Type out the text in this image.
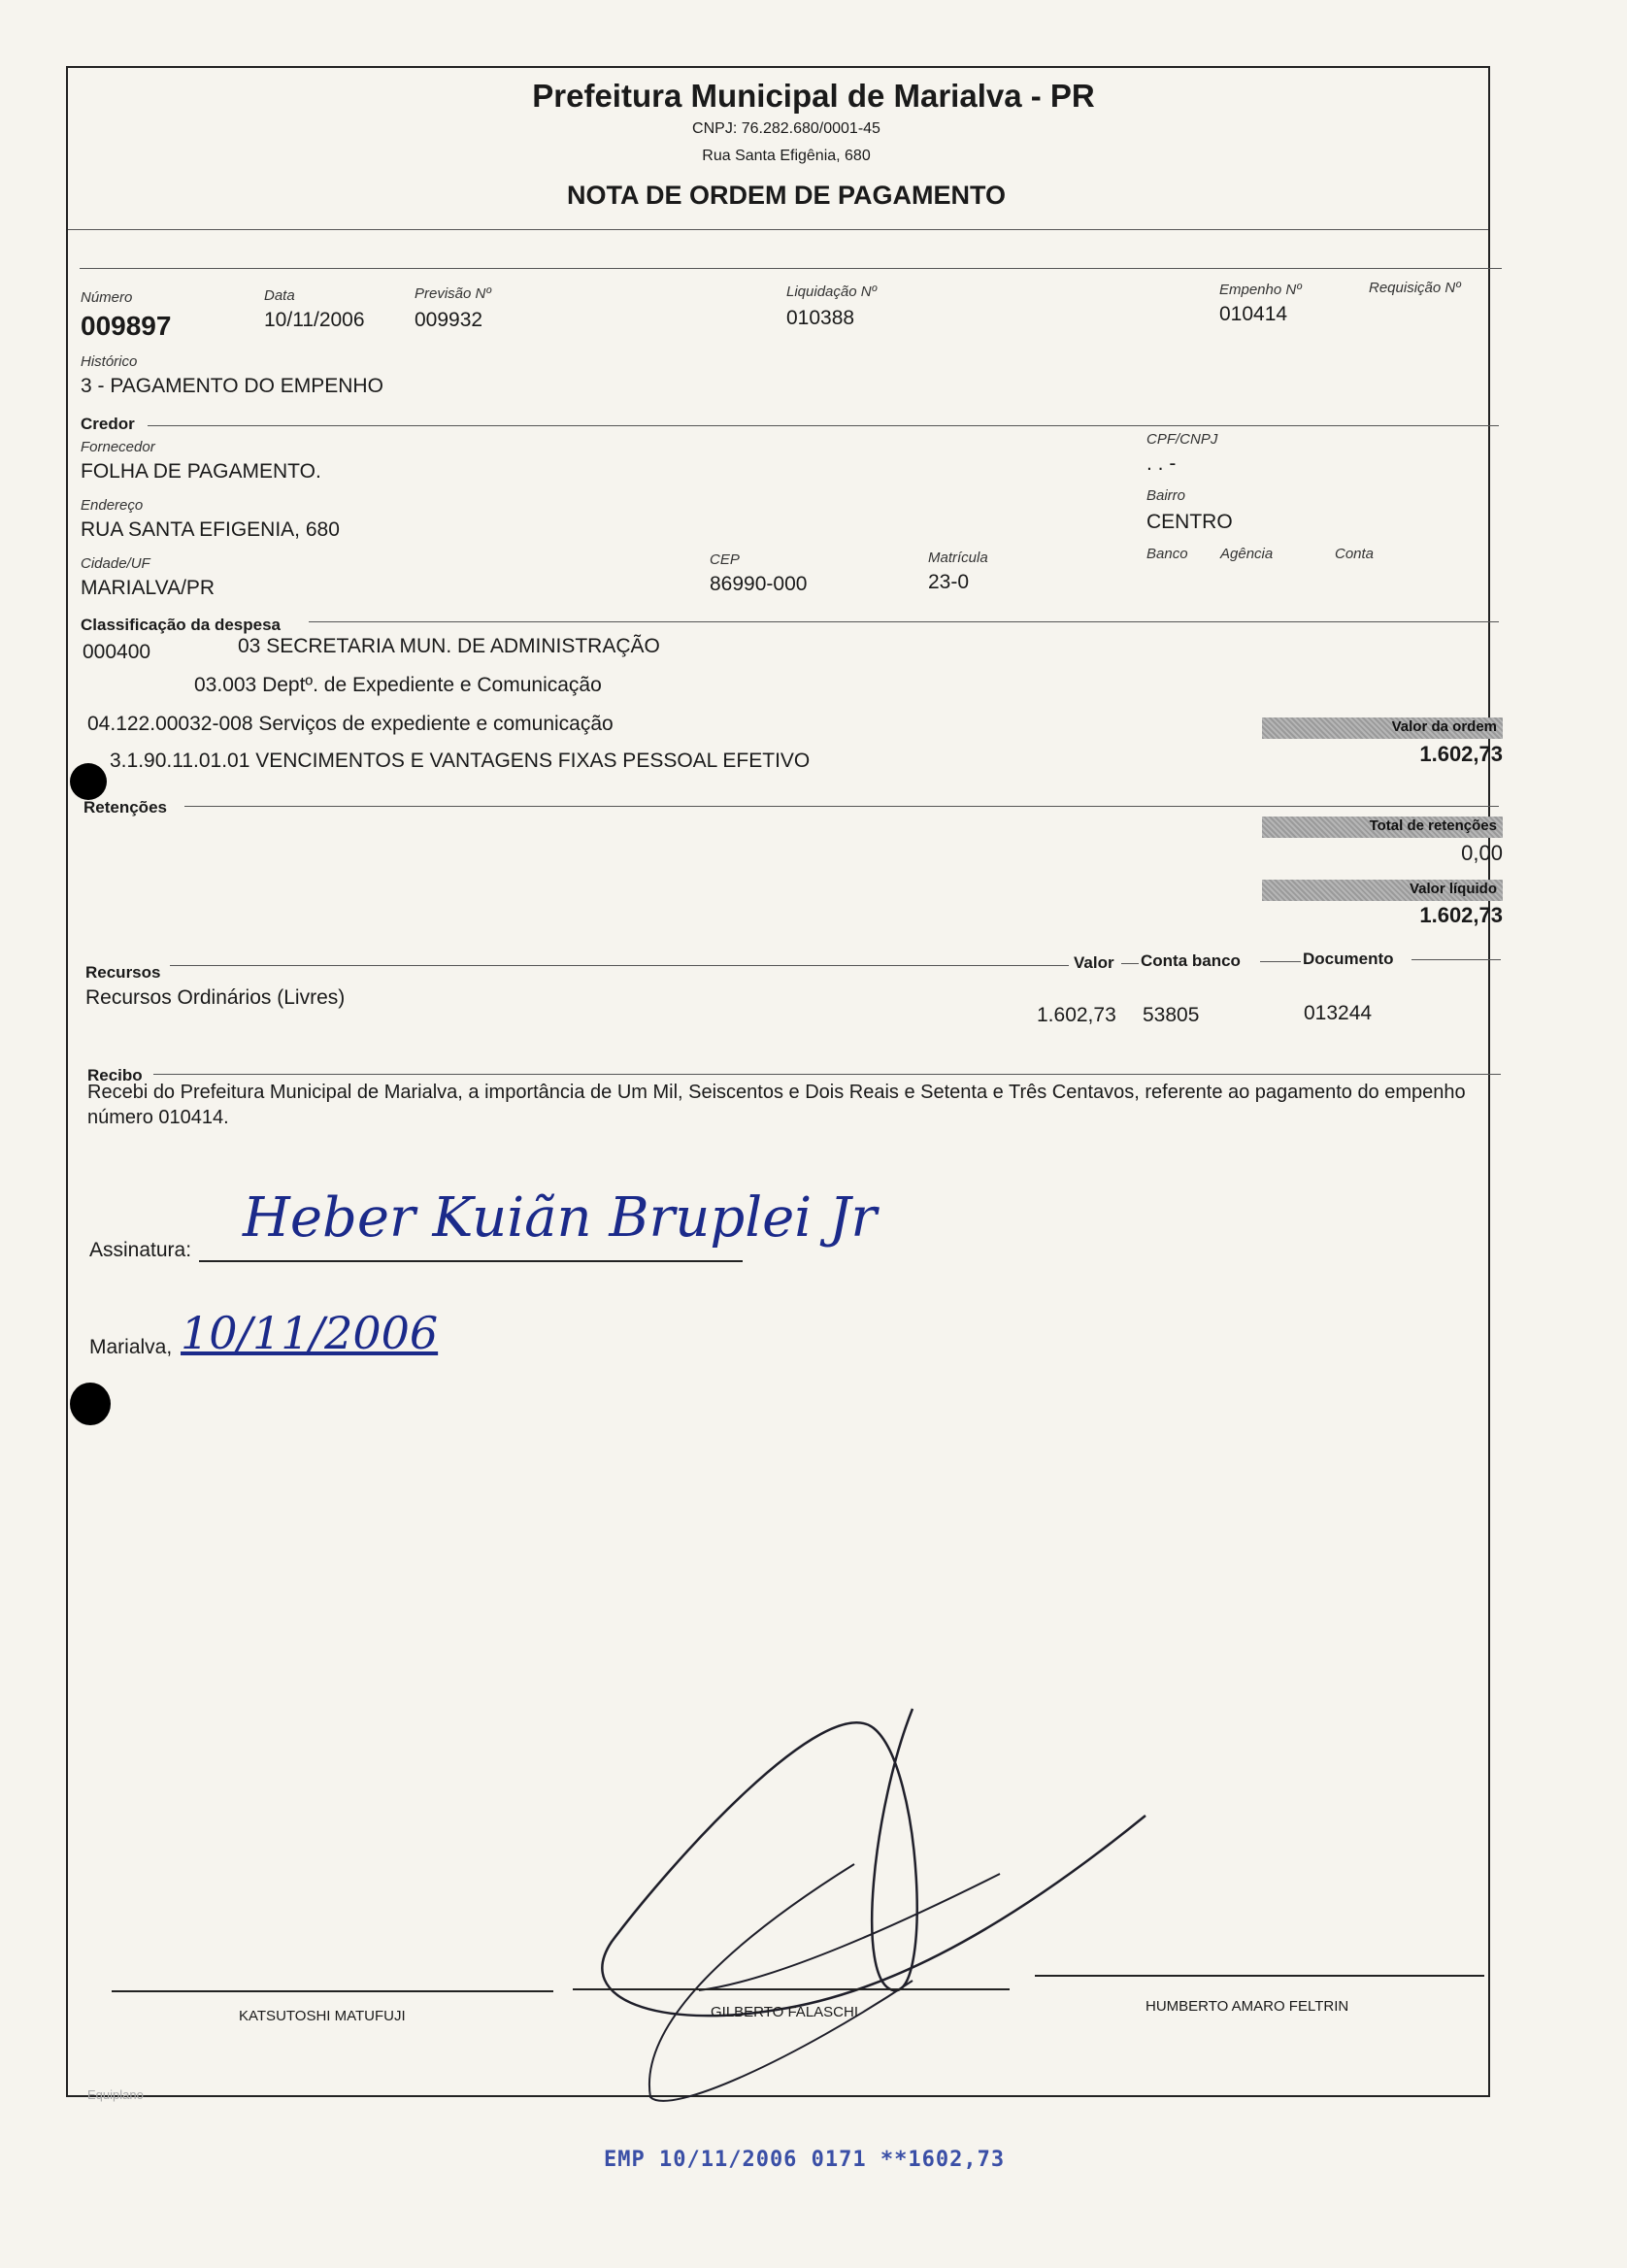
Prefeitura Municipal de Marialva - PR
CNPJ: 76.282.680/0001-45
Rua Santa Efigênia, 680
NOTA DE ORDEM DE PAGAMENTO
Número
009897
Data
10/11/2006
Previsão Nº
009932
Liquidação Nº
010388
Empenho Nº
010414
Requisição Nº
Histórico
3 - PAGAMENTO DO EMPENHO
Credor
Fornecedor
FOLHA DE PAGAMENTO.
CPF/CNPJ
. . -
Endereço
RUA SANTA EFIGENIA, 680
Bairro
CENTRO
Cidade/UF
MARIALVA/PR
CEP
86990-000
Matrícula
23-0
Banco Agência	Conta
Classificação da despesa
000400	03 SECRETARIA MUN. DE ADMINISTRAÇÃO
03.003 Deptº. de Expediente e Comunicação
04.122.00032-008 Serviços de expediente e comunicação
3.1.90.11.01.01 VENCIMENTOS E VANTAGENS FIXAS PESSOAL EFETIVO
Valor da ordem
1.602,73
Retenções
Total de retenções
0,00
Valor líquido
1.602,73
Recursos
Valor Conta banco	Documento
Recursos Ordinários (Livres)
1.602,73 53805	013244
Recibo
Recebi do Prefeitura Municipal de Marialva, a importância de Um Mil, Seiscentos e Dois Reais e Setenta e Três Centavos, referente ao pagamento do empenho número 010414.
Assinatura:
Heber Kuiãn Bruplei Jr
Marialva, 10/11/2006
KATSUTOSHI MATUFUJI	GILBERTO FALASCHI	HUMBERTO AMARO FELTRIN
Equiplano
EMP 10/11/2006 0171 **1602,73
